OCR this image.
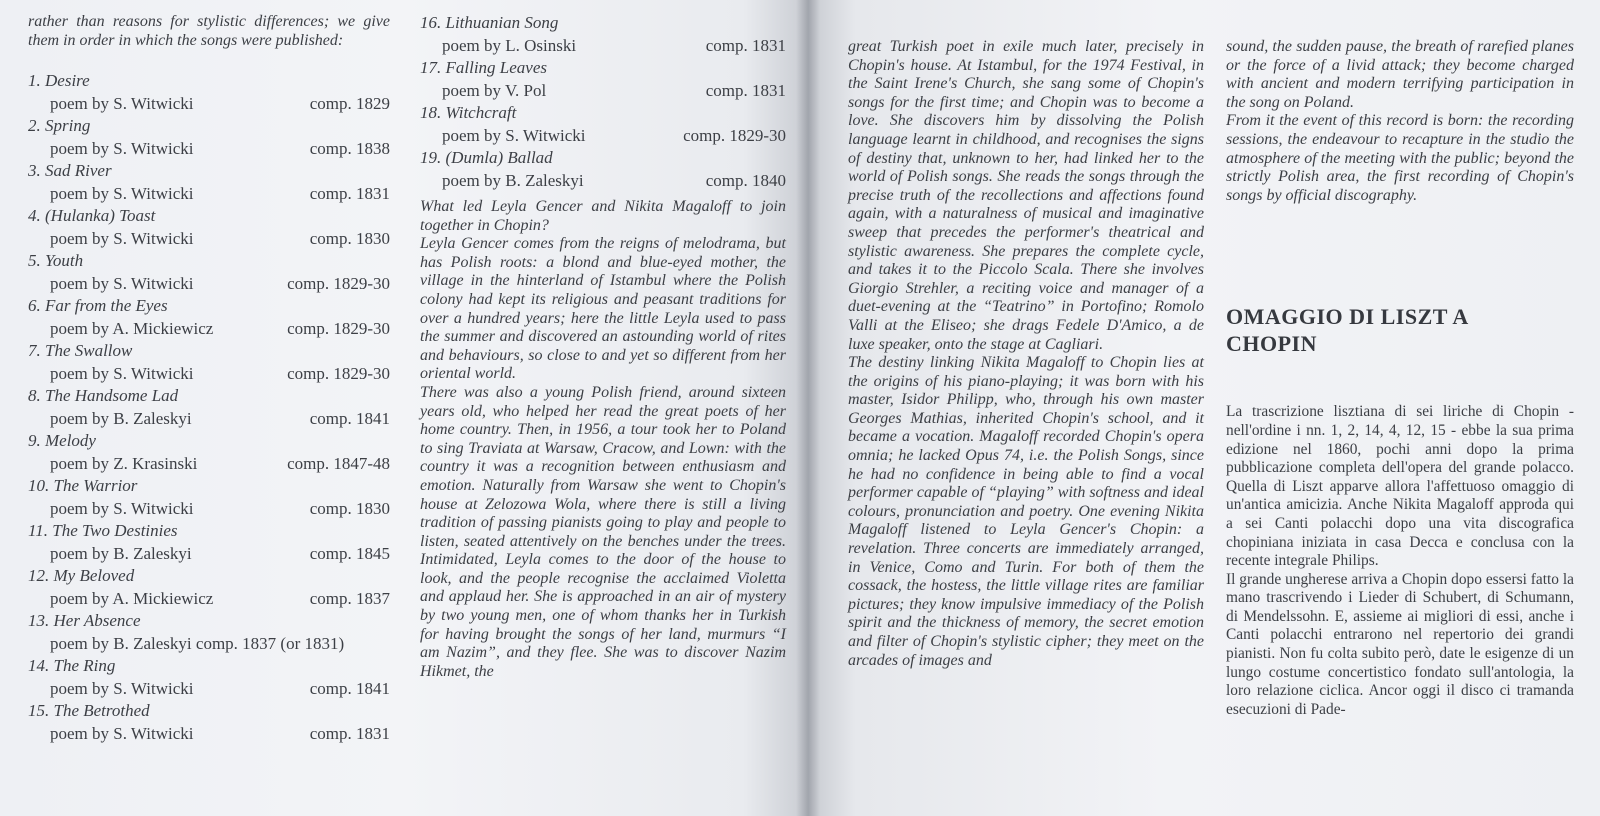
rather than reasons for stylistic differences; we give them in order in which the songs were published:

1. Desire
poem by S. Witwicki	comp. 1829
2. Spring
poem by S. Witwicki	comp. 1838
3. Sad River
poem by S. Witwicki	comp. 1831
4. (Hulanka) Toast
poem by S. Witwicki	comp. 1830
5. Youth
poem by S. Witwicki	comp. 1829-30
6. Far from the Eyes
poem by A. Mickiewicz	comp. 1829-30
7. The Swallow
poem by S. Witwicki	comp. 1829-30
8. The Handsome Lad
poem by B. Zaleskyi	comp. 1841
9. Melody
poem by Z. Krasinski	comp. 1847-48
10. The Warrior
poem by S. Witwicki	comp. 1830
11. The Two Destinies
poem by B. Zaleskyi	comp. 1845
12. My Beloved
poem by A. Mickiewicz	comp. 1837
13. Her Absence
poem by B. Zaleskyi comp. 1837 (or 1831)
14. The Ring
poem by S. Witwicki	comp. 1841
15. The Betrothed
poem by S. Witwicki	comp. 1831
16. Lithuanian Song
poem by L. Osinski	comp. 1831
17. Falling Leaves
poem by V. Pol	comp. 1831
18. Witchcraft
poem by S. Witwicki	comp. 1829-30
19. (Dumla) Ballad
poem by B. Zaleskyi	comp. 1840

What led Leyla Gencer and Nikita Magaloff to join together in Chopin?

Leyla Gencer comes from the reigns of melodrama, but has Polish roots: a blond and blue-eyed mother, the village in the hinterland of Istambul where the Polish colony had kept its religious and peasant traditions for over a hundred years; here the little Leyla used to pass the summer and discovered an astounding world of rites and behaviours, so close to and yet so different from her oriental world.

There was also a young Polish friend, around sixteen years old, who helped her read the great poets of her home country. Then, in 1956, a tour took her to Poland to sing Traviata at Warsaw, Cracow, and Lown: with the country it was a recognition between enthusiasm and emotion. Naturally from Warsaw she went to Chopin's house at Zelozowa Wola, where there is still a living tradition of passing pianists going to play and people to listen, seated attentively on the benches under the trees. Intimidated, Leyla comes to the door of the house to look, and the people recognise the acclaimed Violetta and applaud her. She is approached in an air of mystery by two young men, one of whom thanks her in Turkish for having brought the songs of her land, murmurs “I am Nazim”, and they flee. She was to discover Nazim Hikmet, the

great Turkish poet in exile much later, precisely in Chopin's house. At Istambul, for the 1974 Festival, in the Saint Irene's Church, she sang some of Chopin's songs for the first time; and Chopin was to become a love. She discovers him by dissolving the Polish language learnt in childhood, and recognises the signs of destiny that, unknown to her, had linked her to the world of Polish songs. She reads the songs through the precise truth of the recollections and affections found again, with a naturalness of musical and imaginative sweep that precedes the performer's theatrical and stylistic awareness. She prepares the complete cycle, and takes it to the Piccolo Scala. There she involves Giorgio Strehler, a reciting voice and manager of a duet-evening at the “Teatrino” in Portofino; Romolo Valli at the Eliseo; she drags Fedele D'Amico, a de luxe speaker, onto the stage at Cagliari.

The destiny linking Nikita Magaloff to Chopin lies at the origins of his piano-playing; it was born with his master, Isidor Philipp, who, through his own master Georges Mathias, inherited Chopin's school, and it became a vocation. Magaloff recorded Chopin's opera omnia; he lacked Opus 74, i.e. the Polish Songs, since he had no confidence in being able to find a vocal performer capable of “playing” with softness and ideal colours, pronunciation and poetry. One evening Nikita Magaloff listened to Leyla Gencer's Chopin: a revelation. Three concerts are immediately arranged, in Venice, Como and Turin. For both of them the cossack, the hostess, the little village rites are familiar pictures; they know impulsive immediacy of the Polish spirit and the thickness of memory, the secret emotion and filter of Chopin's stylistic cipher; they meet on the arcades of images and

sound, the sudden pause, the breath of rarefied planes or the force of a livid attack; they become charged with ancient and modern terrifying participation in the song on Poland.

From it the event of this record is born: the recording sessions, the endeavour to recapture in the studio the atmosphere of the meeting with the public; beyond the strictly Polish area, the first recording of Chopin's songs by official discography.

OMAGGIO DI LISZT A CHOPIN

La trascrizione lisztiana di sei liriche di Chopin - nell'ordine i nn. 1, 2, 14, 4, 12, 15 - ebbe la sua prima edizione nel 1860, pochi anni dopo la prima pubblicazione completa dell'opera del grande polacco. Quella di Liszt apparve allora l'affettuoso omaggio di un'antica amicizia. Anche Nikita Magaloff approda qui a sei Canti polacchi dopo una vita discografica chopiniana iniziata in casa Decca e conclusa con la recente integrale Philips.

Il grande ungherese arriva a Chopin dopo essersi fatto la mano trascrivendo i Lieder di Schubert, di Schumann, di Mendelssohn. E, assieme ai migliori di essi, anche i Canti polacchi entrarono nel repertorio dei grandi pianisti. Non fu colta subito però, date le esigenze di un lungo costume concertistico fondato sull'antologia, la loro relazione ciclica. Ancor oggi il disco ci tramanda esecuzioni di Pade-
